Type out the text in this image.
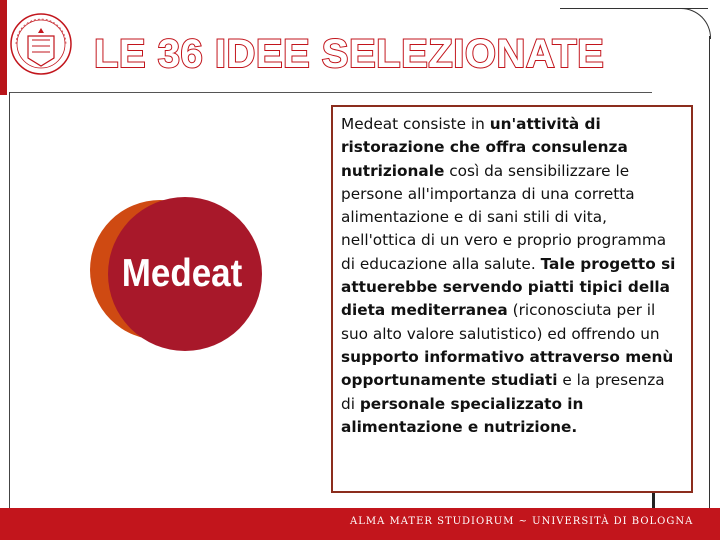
LE 36 IDEE SELEZIONATE
Medeat
Medeat consiste in un'attività di ristorazione che offra consulenza nutrizionale così da sensibilizzare le persone all'importanza di una corretta alimentazione e di sani stili di vita, nell'ottica di un vero e proprio programma di educazione alla salute. Tale progetto si attuerebbe servendo piatti tipici della dieta mediterranea (riconosciuta per il suo alto valore salutistico) ed offrendo un supporto informativo attraverso menù opportunamente studiati e la presenza di personale specializzato in alimentazione e nutrizione.
ALMA MATER STUDIORUM ~ UNIVERSITÀ DI BOLOGNA
